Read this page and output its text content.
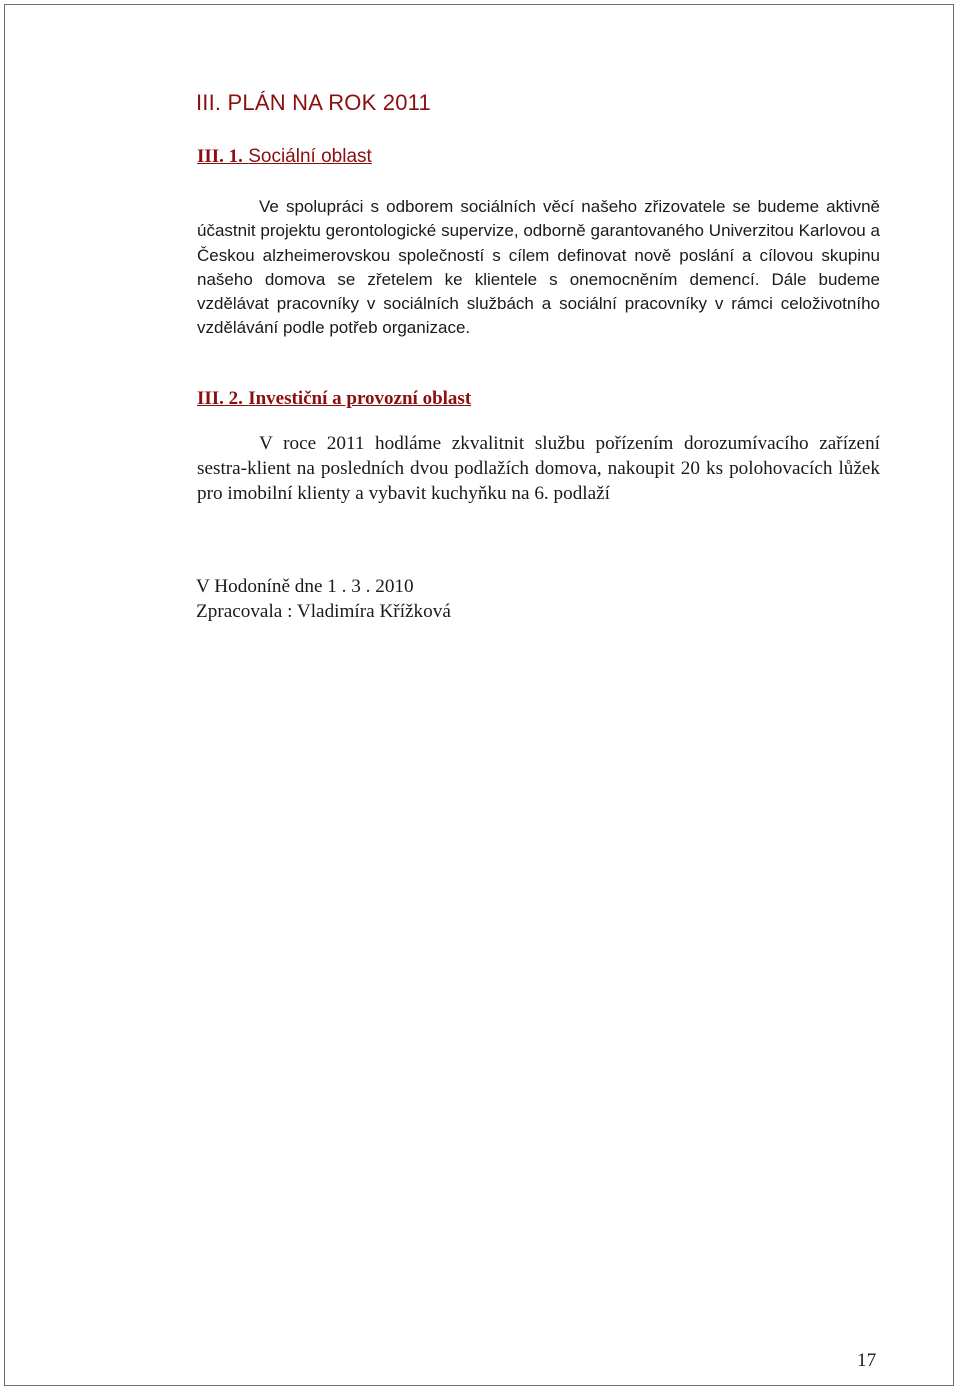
III. PLÁN NA ROK 2011
III. 1. Sociální oblast
Ve spolupráci s odborem sociálních věcí našeho zřizovatele se budeme aktivně účastnit projektu gerontologické supervize, odborně garantovaného Univerzitou Karlovou a Českou alzheimerovskou společností s cílem definovat nově poslání a cílovou skupinu našeho domova se zřetelem ke klientele s onemocněním demencí. Dále budeme vzdělávat pracovníky v sociálních službách a sociální pracovníky v rámci celoživotního vzdělávání podle potřeb organizace.
III. 2. Investiční a provozní oblast
V roce 2011 hodláme zkvalitnit službu pořízením dorozumívacího zařízení sestra-klient na posledních dvou podlažích domova, nakoupit 20 ks polohovacích lůžek pro imobilní klienty a vybavit kuchyňku na 6. podlaží
V Hodoníně dne 1 . 3 . 2010
Zpracovala : Vladimíra Křížková
17
